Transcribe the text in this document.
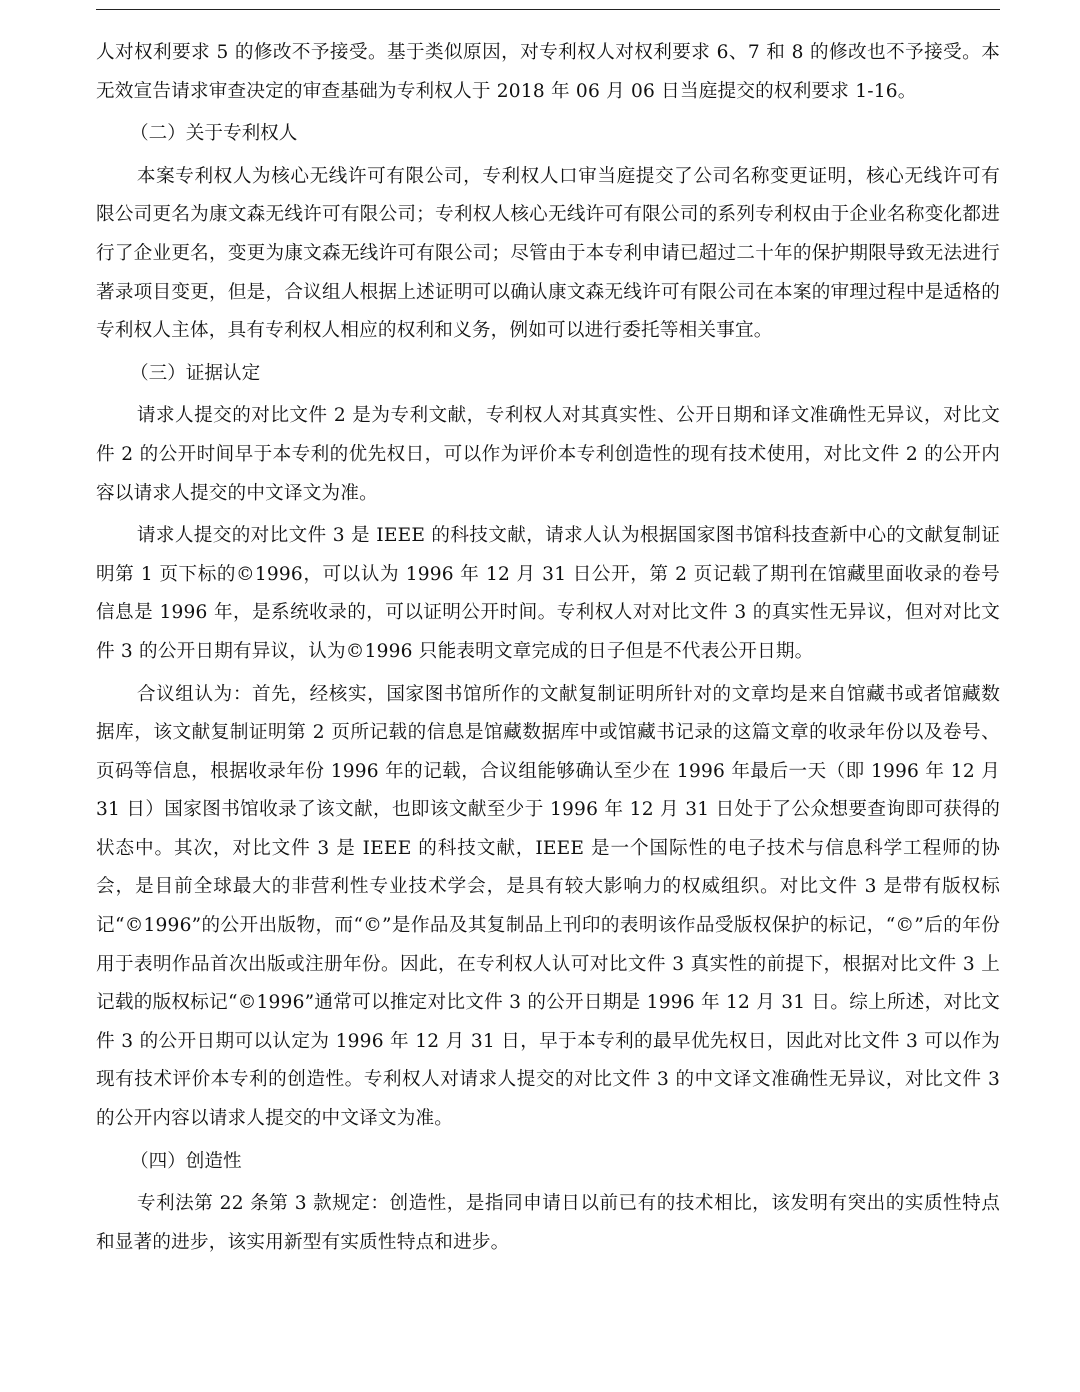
人对权利要求 5 的修改不予接受。基于类似原因，对专利权人对权利要求 6、7 和 8 的修改也不予接受。本无效宣告请求审查决定的审查基础为专利权人于 2018 年 06 月 06 日当庭提交的权利要求 1-16。

（二）关于专利权人

本案专利权人为核心无线许可有限公司，专利权人口审当庭提交了公司名称变更证明，核心无线许可有限公司更名为康文森无线许可有限公司；专利权人核心无线许可有限公司的系列专利权由于企业名称变化都进行了企业更名，变更为康文森无线许可有限公司；尽管由于本专利申请已超过二十年的保护期限导致无法进行著录项目变更，但是，合议组人根据上述证明可以确认康文森无线许可有限公司在本案的审理过程中是适格的专利权人主体，具有专利权人相应的权利和义务，例如可以进行委托等相关事宜。

（三）证据认定

请求人提交的对比文件 2 是为专利文献，专利权人对其真实性、公开日期和译文准确性无异议，对比文件 2 的公开时间早于本专利的优先权日，可以作为评价本专利创造性的现有技术使用，对比文件 2 的公开内容以请求人提交的中文译文为准。

请求人提交的对比文件 3 是 IEEE 的科技文献，请求人认为根据国家图书馆科技查新中心的文献复制证明第 1 页下标的©1996，可以认为 1996 年 12 月 31 日公开，第 2 页记载了期刊在馆藏里面收录的卷号信息是 1996 年，是系统收录的，可以证明公开时间。专利权人对对比文件 3 的真实性无异议，但对对比文件 3 的公开日期有异议，认为©1996 只能表明文章完成的日子但是不代表公开日期。

合议组认为：首先，经核实，国家图书馆所作的文献复制证明所针对的文章均是来自馆藏书或者馆藏数据库，该文献复制证明第 2 页所记载的信息是馆藏数据库中或馆藏书记录的这篇文章的收录年份以及卷号、页码等信息，根据收录年份 1996 年的记载，合议组能够确认至少在 1996 年最后一天（即 1996 年 12 月 31 日）国家图书馆收录了该文献，也即该文献至少于 1996 年 12 月 31 日处于了公众想要查询即可获得的状态中。其次，对比文件 3 是 IEEE 的科技文献，IEEE 是一个国际性的电子技术与信息科学工程师的协会，是目前全球最大的非营利性专业技术学会，是具有较大影响力的权威组织。对比文件 3 是带有版权标记“©1996”的公开出版物，而“©”是作品及其复制品上刊印的表明该作品受版权保护的标记，“©”后的年份用于表明作品首次出版或注册年份。因此，在专利权人认可对比文件 3 真实性的前提下，根据对比文件 3 上记载的版权标记“©1996”通常可以推定对比文件 3 的公开日期是 1996 年 12 月 31 日。综上所述，对比文件 3 的公开日期可以认定为 1996 年 12 月 31 日，早于本专利的最早优先权日，因此对比文件 3 可以作为现有技术评价本专利的创造性。专利权人对请求人提交的对比文件 3 的中文译文准确性无异议，对比文件 3 的公开内容以请求人提交的中文译文为准。

（四）创造性

专利法第 22 条第 3 款规定：创造性，是指同申请日以前已有的技术相比，该发明有突出的实质性特点和显著的进步，该实用新型有实质性特点和进步。
